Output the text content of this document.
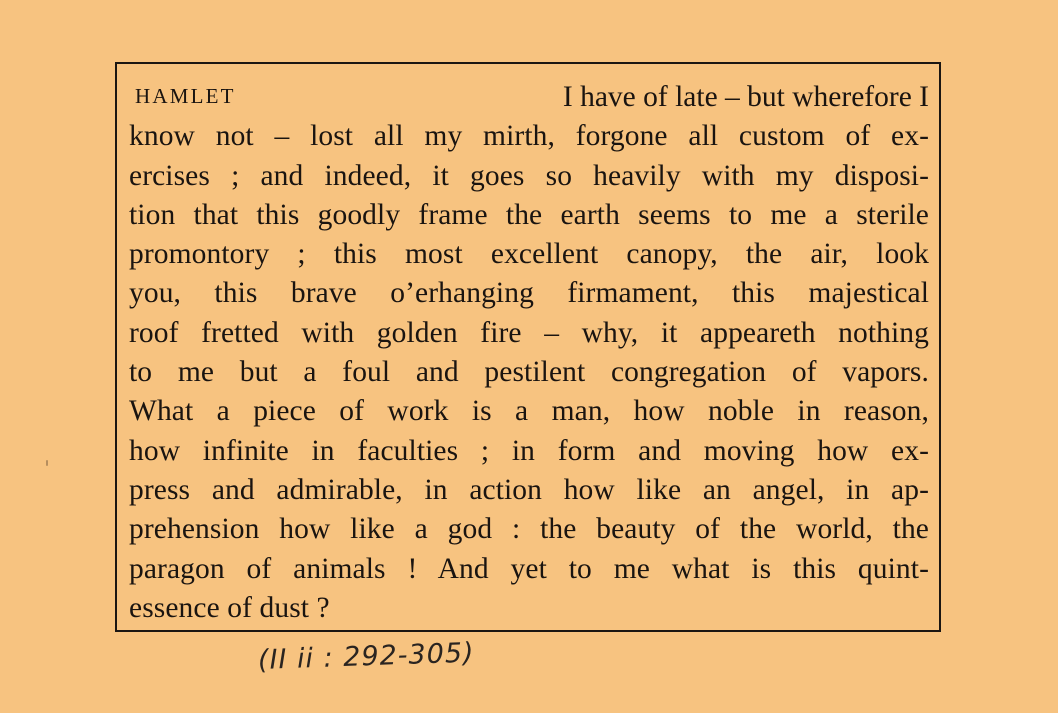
HAMLET	I have of late – but wherefore I
know not – lost all my mirth, forgone all custom of ex-
ercises ; and indeed, it goes so heavily with my disposi-
tion that this goodly frame the earth seems to me a sterile
promontory ; this most excellent canopy, the air, look
you, this brave o’erhanging firmament, this majestical
roof fretted with golden fire – why, it appeareth nothing
to me but a foul and pestilent congregation of vapors.
What a piece of work is a man, how noble in reason,
how infinite in faculties ; in form and moving how ex-
press and admirable, in action how like an angel, in ap-
prehension how like a god : the beauty of the world, the
paragon of animals ! And yet to me what is this quint-
essence of dust ?
(II ii : 292-305)
